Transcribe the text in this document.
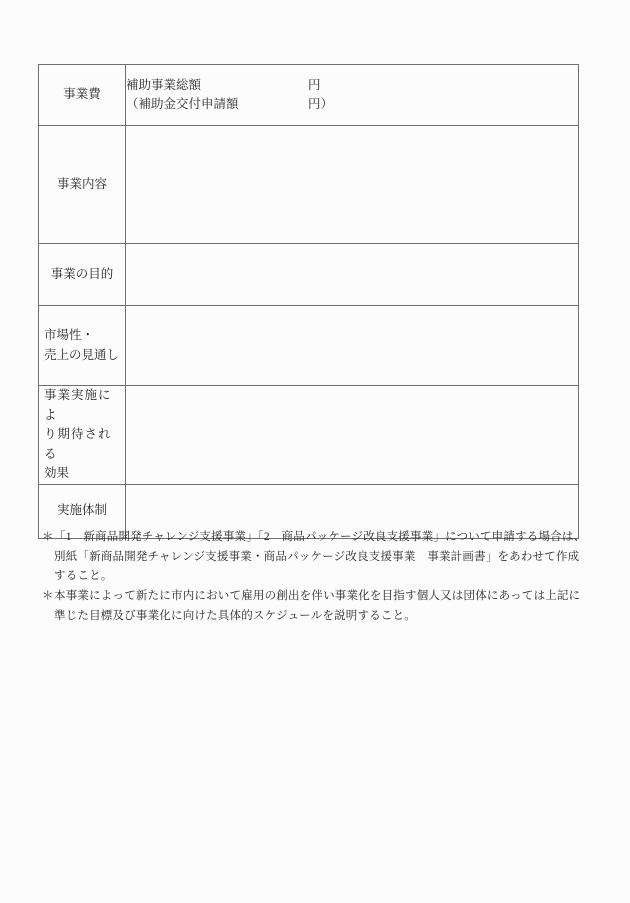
事業費	補助事業総額 円
（補助金交付申請額 円）

事業内容	
事業の目的	

市場性・
売上の見通し	

事業実施によ
り期待される
効果	

実施体制	
＊ 「1　新商品開発チャレンジ支援事業」「2　商品パッケージ改良支援事業」について申請する場合は、
別紙「新商品開発チャレンジ支援事業・商品パッケージ改良支援事業　事業計画書」をあわせて作成
すること。
＊ 本事業によって新たに市内において雇用の創出を伴い事業化を目指す個人又は団体にあっては上記に
準じた目標及び事業化に向けた具体的スケジュールを説明すること。
